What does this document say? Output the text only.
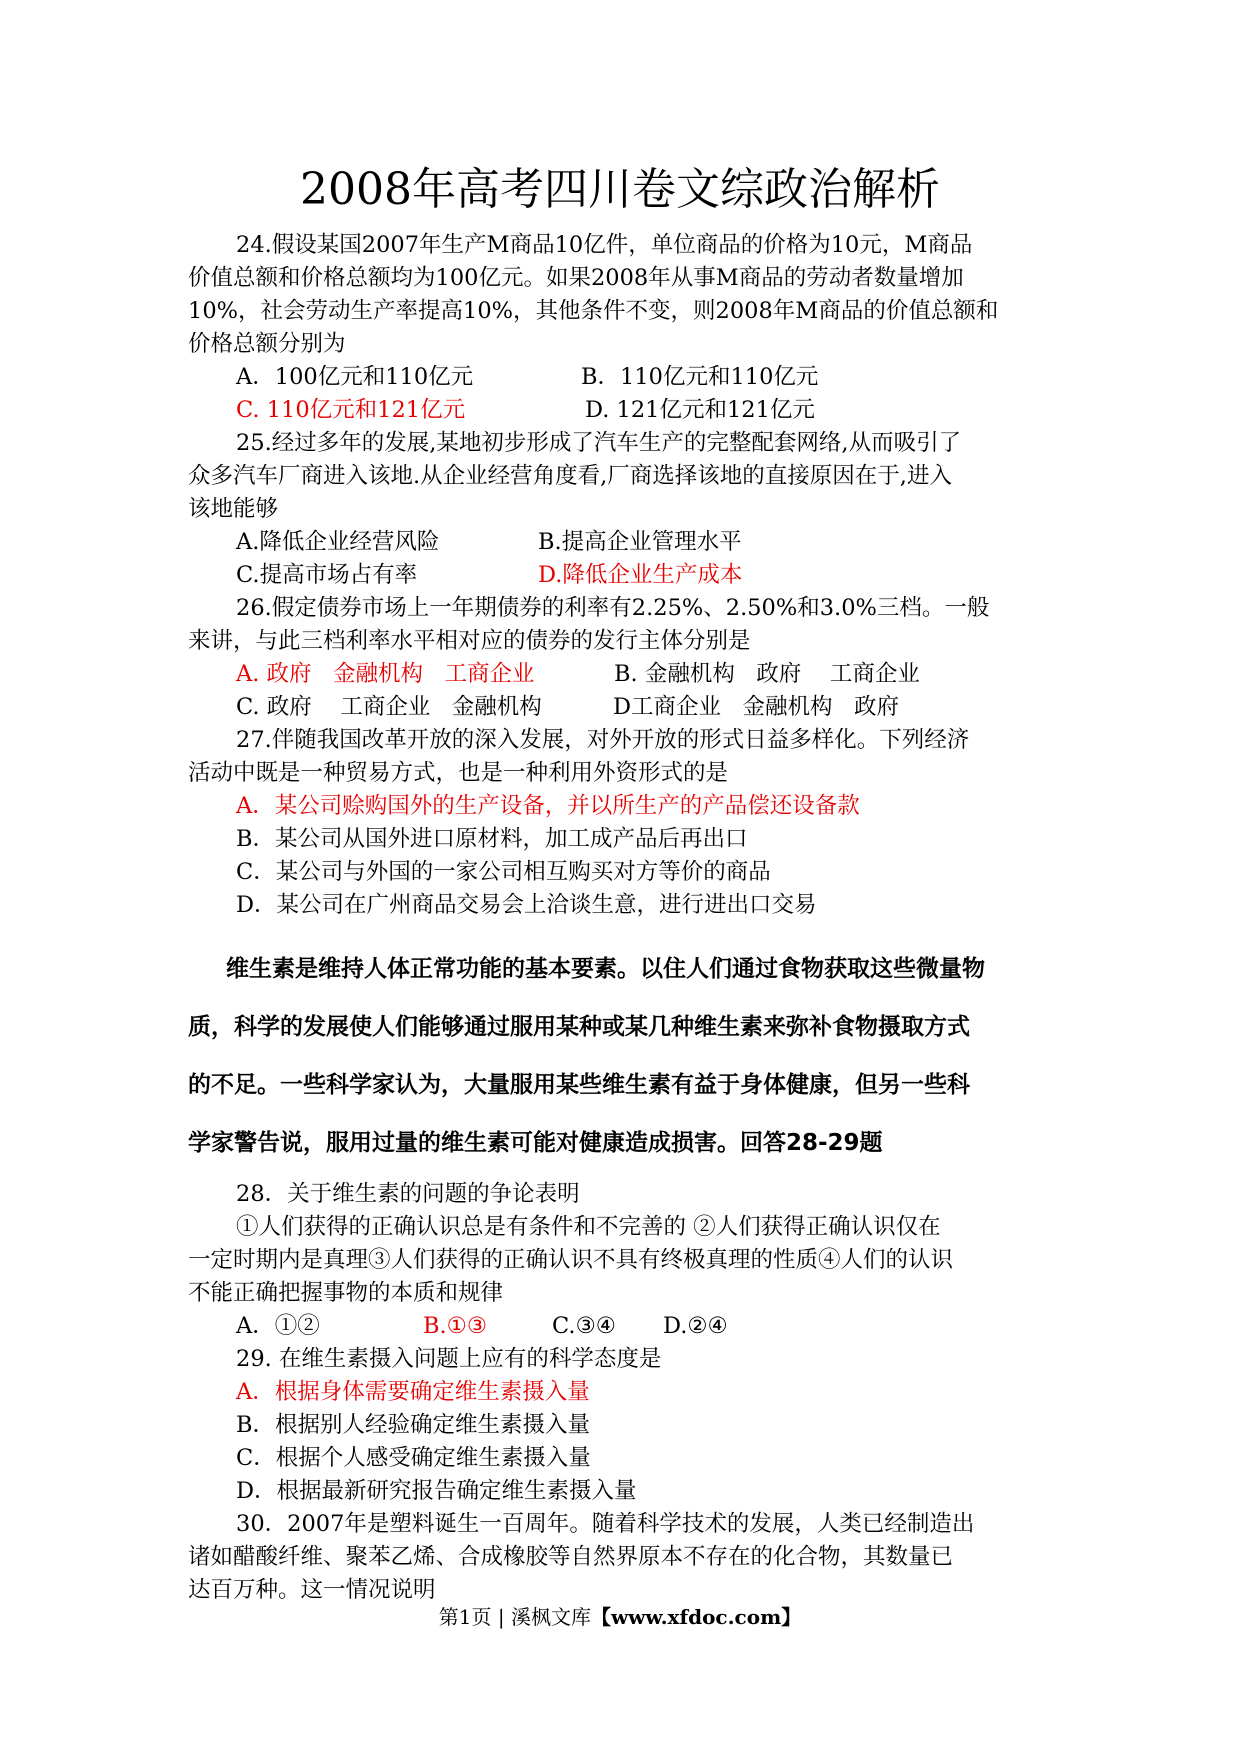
2008年高考四川卷文综政治解析

24.假设某国2007年生产M商品10亿件，单位商品的价格为10元，M商品

价值总额和价格总额均为100亿元。如果2008年从事M商品的劳动者数量增加

10%，社会劳动生产率提高10%，其他条件不变，则2008年M商品的价值总额和

价格总额分别为

A．100亿元和110亿元	B．110亿元和110亿元

C. 110亿元和121亿元	D. 121亿元和121亿元

25.经过多年的发展,某地初步形成了汽车生产的完整配套网络,从而吸引了

众多汽车厂商进入该地.从企业经营角度看,厂商选择该地的直接原因在于,进入

该地能够

A.降低企业经营风险	B.提高企业管理水平

C.提高市场占有率	D.降低企业生产成本

26.假定债券市场上一年期债券的利率有2.25%、2.50%和3.0%三档。一般

来讲，与此三档利率水平相对应的债券的发行主体分别是

A. 政府   金融机构   工商企业	B. 金融机构   政府    工商企业

C. 政府    工商企业   金融机构	D工商企业   金融机构   政府

27.伴随我国改革开放的深入发展，对外开放的形式日益多样化。下列经济

活动中既是一种贸易方式，也是一种利用外资形式的是

A．某公司赊购国外的生产设备，并以所生产的产品偿还设备款

B．某公司从国外进口原材料，加工成产品后再出口

C．某公司与外国的一家公司相互购买对方等价的商品

D．某公司在广州商品交易会上洽谈生意，进行进出口交易

维生素是维持人体正常功能的基本要素。以住人们通过食物获取这些微量物

质，科学的发展使人们能够通过服用某种或某几种维生素来弥补食物摄取方式

的不足。一些科学家认为，大量服用某些维生素有益于身体健康，但另一些科

学家警告说，服用过量的维生素可能对健康造成损害。回答28-29题

28．关于维生素的问题的争论表明

①人们获得的正确认识总是有条件和不完善的 ②人们获得正确认识仅在

一定时期内是真理③人们获得的正确认识不具有终极真理的性质④人们的认识

不能正确把握事物的本质和规律

A．①②	B.①③	C.③④ D.②④

29. 在维生素摄入问题上应有的科学态度是

A．根据身体需要确定维生素摄入量

B．根据别人经验确定维生素摄入量

C．根据个人感受确定维生素摄入量

D．根据最新研究报告确定维生素摄入量

30．2007年是塑料诞生一百周年。随着科学技术的发展，人类已经制造出

诸如醋酸纤维、聚苯乙烯、合成橡胶等自然界原本不存在的化合物，其数量已

达百万种。这一情况说明

第1页 | 溪枫文库【www.xfdoc.com】
